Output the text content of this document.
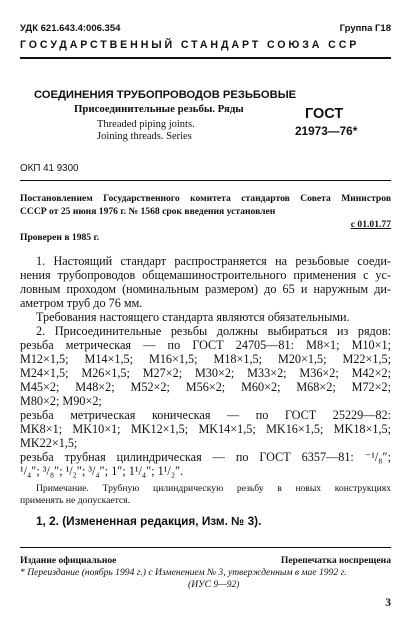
УДК 621.643.4:006.354	Группа Г18
ГОСУДАРСТВЕННЫЙ СТАНДАРТ СОЮЗА ССР
СОЕДИНЕНИЯ ТРУБОПРОВОДОВ РЕЗЬБОВЫЕ
Присоединительные резьбы. Ряды
Threaded piping joints.
Joining threads. Series
ГОСТ
21973—76*
ОКП 41 9300
Постановлением Государственного комитета стандартов Совета Министров
СССР от 25 июня 1976 г. № 1568 срок введения установлен
с 01.01.77
Проверен в 1985 г.
1. Настоящий стандарт распространяется на резьбовые соеди-
нения трубопроводов общемашиностроительного применения с ус-
ловным проходом (номинальным размером) до 65 и наружным ди-
аметром труб до 76 мм.
Требования настоящего стандарта являются обязательными.
2. Присоединительные резьбы должны выбираться из рядов:
резьба метрическая — по ГОСТ 24705—81: M8×1; M10×1;
M12×1,5; M14×1,5; M16×1,5; M18×1,5; M20×1,5; M22×1,5;
M24×1,5; M26×1,5; M27×2; M30×2; M33×2; M36×2; M42×2;
M45×2; M48×2; M52×2; M56×2; M60×2; M68×2; M72×2;
M80×2; M90×2;
резьба метрическая коническая — по ГОСТ 25229—82:
MK8×1; MK10×1; MK12×1,5; MK14×1,5; MK16×1,5; MK18×1,5;
MK22×1,5;
резьба трубная цилиндрическая — по ГОСТ 6357—81: ⁻¹/₈″;
¹/₄″; ³/₈″; ¹/₂″; ³/₄″; 1″; 1¹/₄″; 1¹/₂″.
Примечание. Трубную цилиндрическую резьбу в новых конструкциях
применять не допускается.
1, 2. (Измененная редакция, Изм. № 3).
Издание официальное	Перепечатка воспрещена
* Переиздание (ноябрь 1994 г.) с Изменением № 3, утвержденным в мае 1992 г.
(ИУС 9—92)
3
